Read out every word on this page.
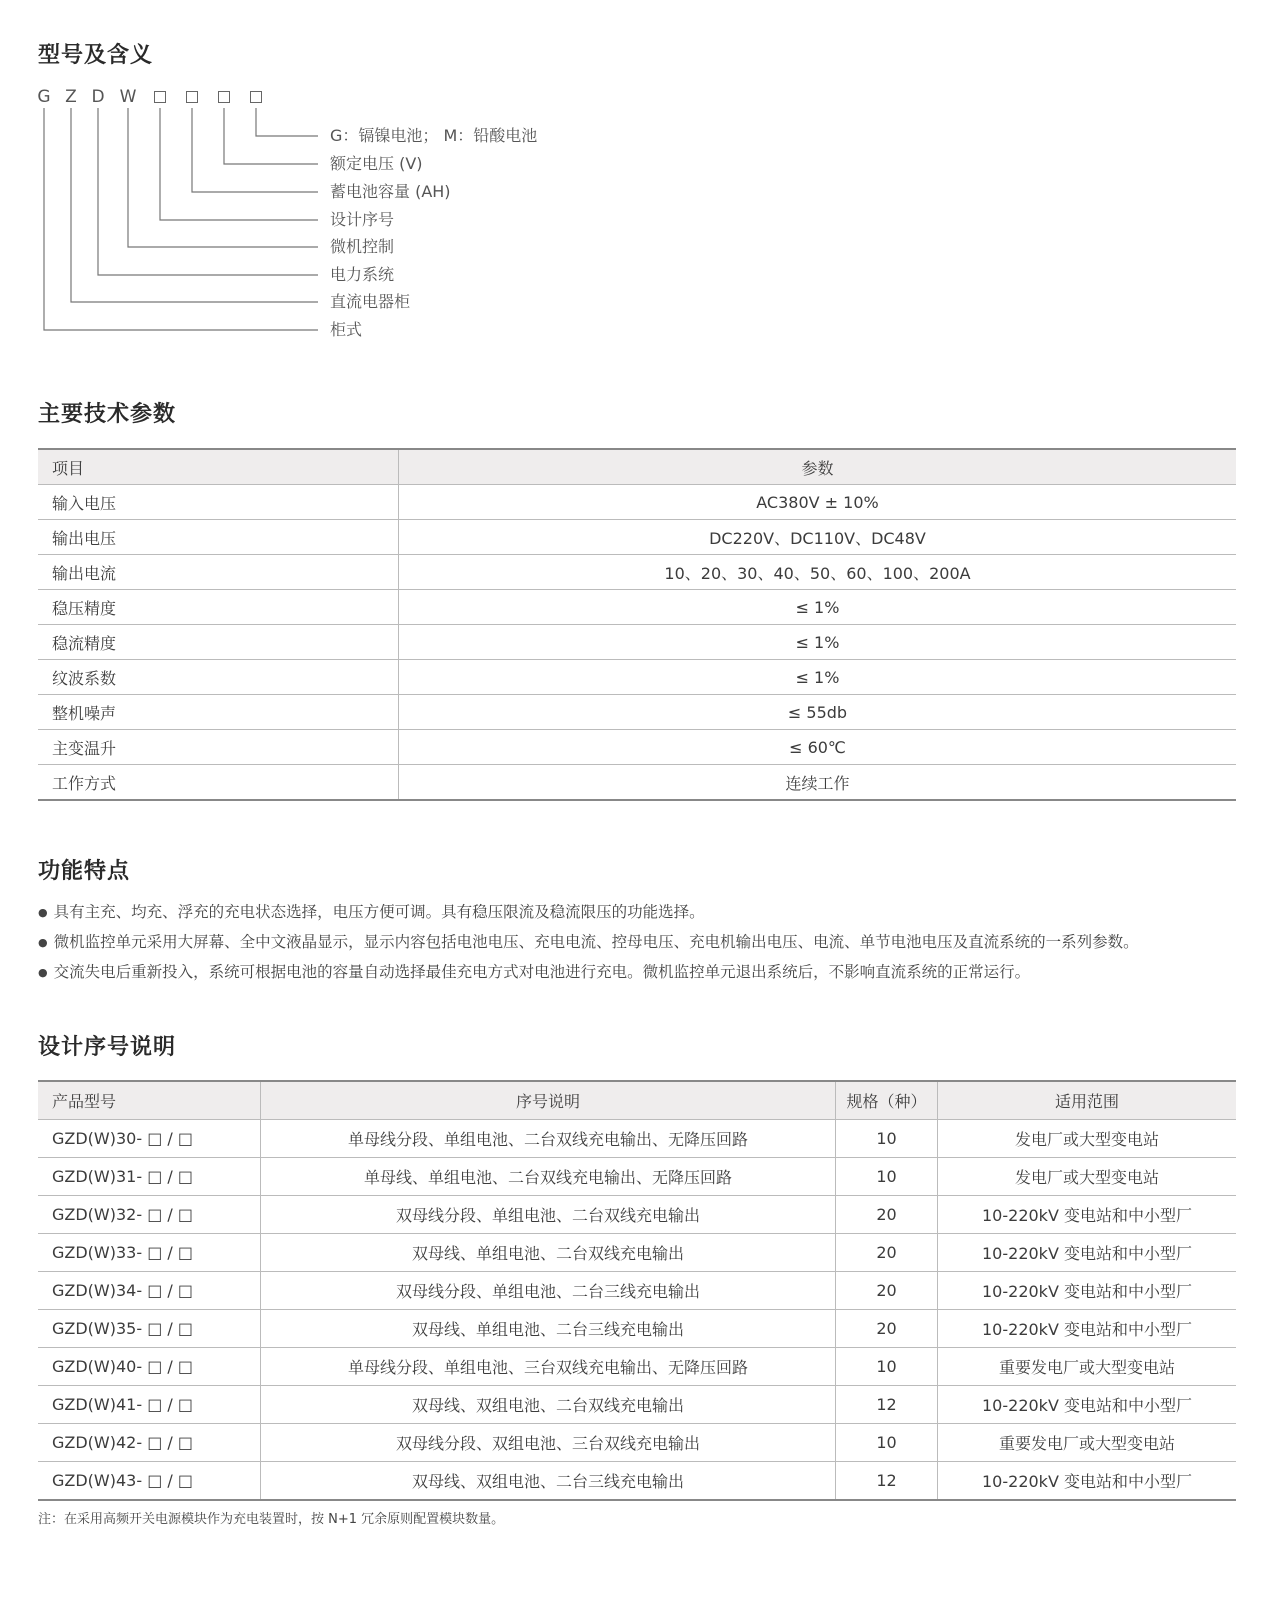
型号及含义
G Z D W
G：镉镍电池； M：铅酸电池
额定电压 (V)
蓄电池容量 (AH)
设计序号
微机控制
电力系统
直流电器柜
柜式
主要技术参数
项目	参数
输入电压	AC380V ± 10%
输出电压	DC220V、DC110V、DC48V
输出电流	10、20、30、40、50、60、100、200A
稳压精度	≤ 1%
稳流精度	≤ 1%
纹波系数	≤ 1%
整机噪声	≤ 55db
主变温升	≤ 60℃
工作方式	连续工作
功能特点
● 具有主充、均充、浮充的充电状态选择，电压方便可调。具有稳压限流及稳流限压的功能选择。
● 微机监控单元采用大屏幕、全中文液晶显示，显示内容包括电池电压、充电电流、控母电压、充电机输出电压、电流、单节电池电压及直流系统的一系列参数。
● 交流失电后重新投入，系统可根据电池的容量自动选择最佳充电方式对电池进行充电。微机监控单元退出系统后，不影响直流系统的正常运行。
设计序号说明
产品型号	序号说明	规格（种）	适用范围
GZD(W)30- □ / □	单母线分段、单组电池、二台双线充电输出、无降压回路	10	发电厂或大型变电站
GZD(W)31- □ / □	单母线、单组电池、二台双线充电输出、无降压回路	10	发电厂或大型变电站
GZD(W)32- □ / □	双母线分段、单组电池、二台双线充电输出	20	10-220kV 变电站和中小型厂
GZD(W)33- □ / □	双母线、单组电池、二台双线充电输出	20	10-220kV 变电站和中小型厂
GZD(W)34- □ / □	双母线分段、单组电池、二台三线充电输出	20	10-220kV 变电站和中小型厂
GZD(W)35- □ / □	双母线、单组电池、二台三线充电输出	20	10-220kV 变电站和中小型厂
GZD(W)40- □ / □	单母线分段、单组电池、三台双线充电输出、无降压回路	10	重要发电厂或大型变电站
GZD(W)41- □ / □	双母线、双组电池、二台双线充电输出	12	10-220kV 变电站和中小型厂
GZD(W)42- □ / □	双母线分段、双组电池、三台双线充电输出	10	重要发电厂或大型变电站
GZD(W)43- □ / □	双母线、双组电池、二台三线充电输出	12	10-220kV 变电站和中小型厂
注：在采用高频开关电源模块作为充电装置时，按 N+1 冗余原则配置模块数量。
